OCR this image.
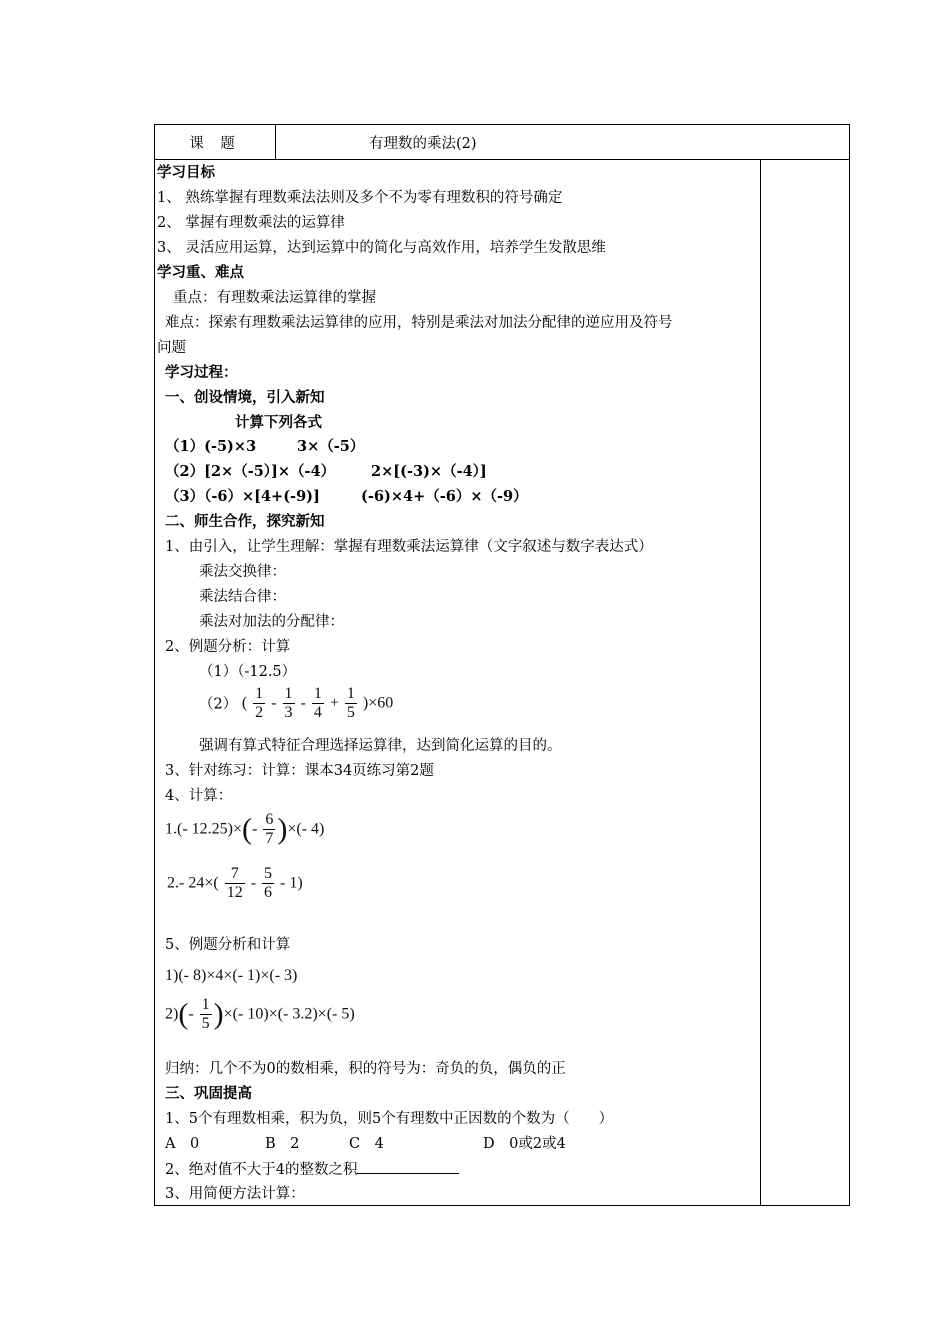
课 题	有理数的乘法(2)
学习目标
1、 熟练掌握有理数乘法法则及多个不为零有理数积的符号确定
2、 掌握有理数乘法的运算律
3、 灵活应用运算，达到运算中的简化与高效作用，培养学生发散思维
学习重、难点
重点：有理数乘法运算律的掌握
难点：探索有理数乘法运算律的应用，特别是乘法对加法分配律的逆应用及符号
问题
学习过程：
一、创设情境，引入新知
计算下列各式
（1）(-5)×3	3×（-5）
（2）[2×（-5）]×（-4） 2×[(-3)×（-4）]
（3）（-6）×[4+(-9)]	(-6)×4+（-6）×（-9）
二、师生合作，探究新知
1、由引入，让学生理解：掌握有理数乘法运算律（文字叙述与数字表达式）
乘法交换律：
乘法结合律：
乘法对加法的分配律：
2、例题分析：计算
（1）（-12.5）
（2） ( $\frac{1}{2} - \frac{1}{3} - \frac{1}{4} + \frac{1}{5} )\times 60$
强调有算式特征合理选择运算律，达到简化运算的目的。
3、针对练习：计算：课本34页练习第2题
4、计算：
1.(- $12.25)\times(- \frac{6}{7}$ )×(- 4)
2.- $24\times( \frac{7}{12} - \frac{5}{6} - 1)$
5、例题分析和计算
1)(- 8)×4×(- 1)×(- 3)
$2)(- \frac{1}{5}$ )×(- 10)×(- 3.2)×(- 5)
归纳：几个不为0的数相乘，积的符号为：奇负的负，偶负的正
三、巩固提高
1、5个有理数相乘，积为负，则5个有理数中正因数的个数为（　　）
A　0	B　2	C　4	D　0或2或4
2、绝对值不大于4的整数之积
3、用简便方法计算：
